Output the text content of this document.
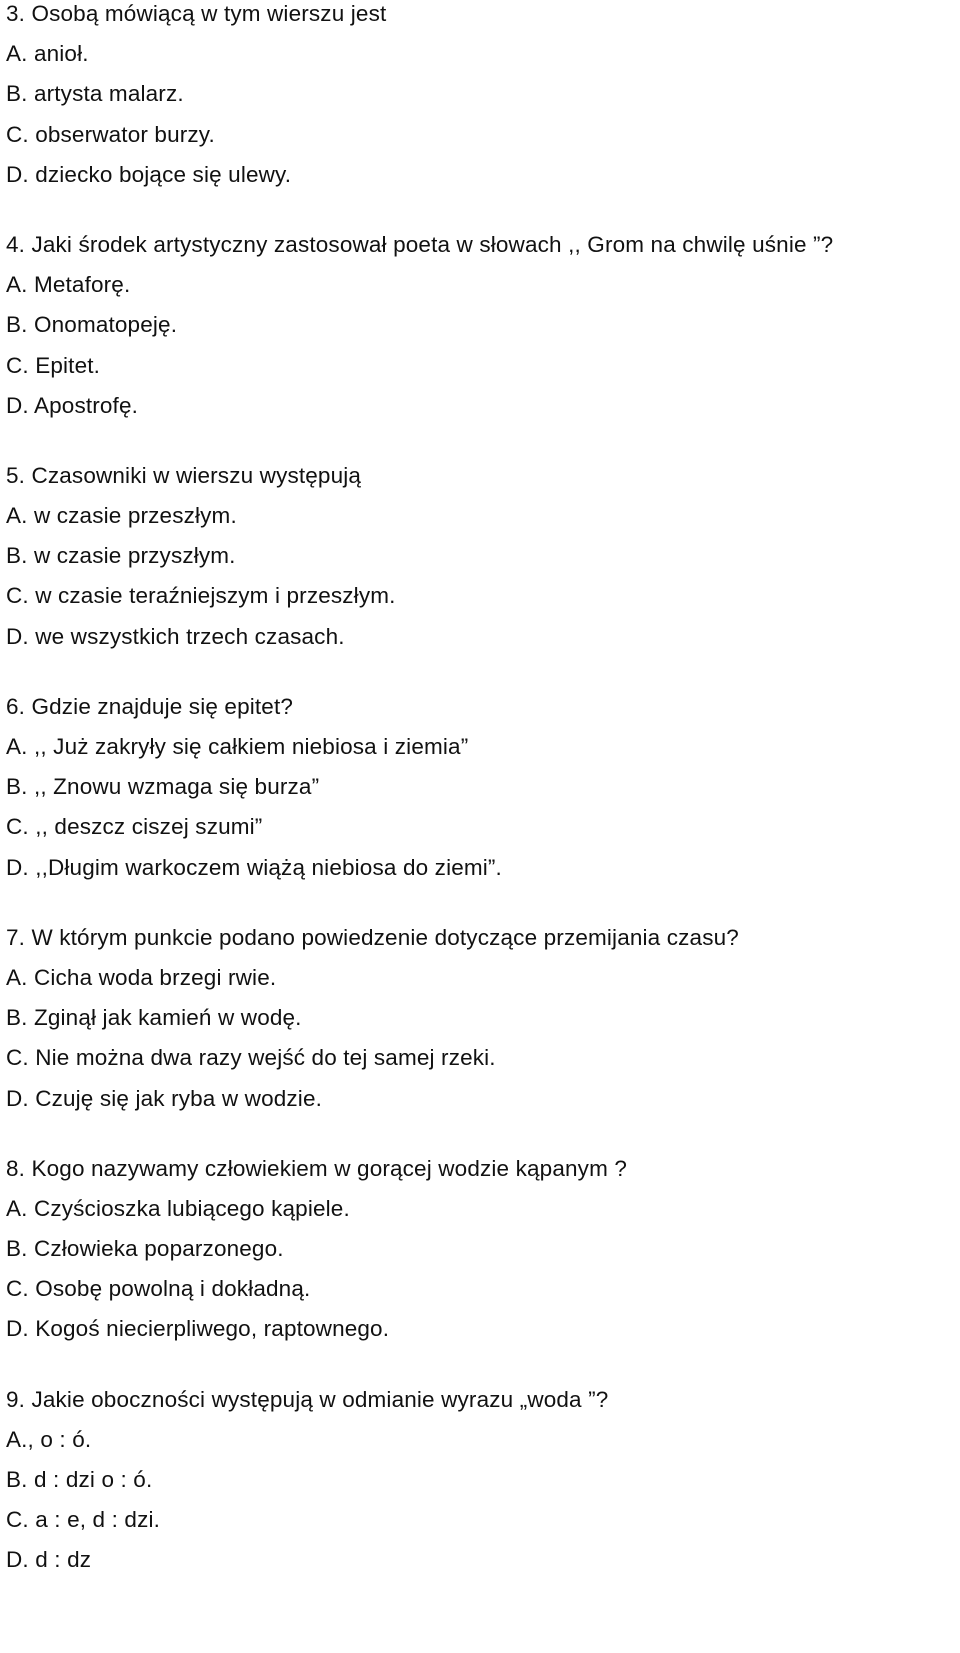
3. Osobą mówiącą w tym wierszu jest
A. anioł.
B. artysta malarz.
C. obserwator burzy.
D. dziecko bojące się ulewy.
4. Jaki środek artystyczny zastosował poeta w słowach ,, Grom na chwilę uśnie ”?
A. Metaforę.
B. Onomatopeję.
C. Epitet.
D. Apostrofę.
5. Czasowniki w wierszu występują
A. w czasie przeszłym.
B. w czasie przyszłym.
C. w czasie teraźniejszym i przeszłym.
D. we wszystkich trzech czasach.
6. Gdzie znajduje się epitet?
A. ,, Już zakryły się całkiem niebiosa i ziemia”
B. ,, Znowu wzmaga się burza”
C. ,, deszcz ciszej szumi”
D. ,,Długim warkoczem wiążą niebiosa do ziemi”.
7. W którym punkcie podano powiedzenie dotyczące przemijania czasu?
A. Cicha woda brzegi rwie.
B. Zginął jak kamień w wodę.
C. Nie można dwa razy wejść do tej samej rzeki.
D. Czuję się jak ryba w wodzie.
8. Kogo nazywamy człowiekiem w gorącej wodzie kąpanym ?
A. Czyścioszka lubiącego kąpiele.
B. Człowieka poparzonego.
C. Osobę powolną i dokładną.
D. Kogoś niecierpliwego, raptownego.
9. Jakie oboczności występują w odmianie wyrazu „woda ”?
A., o : ó.
B. d : dzi o : ó.
C. a : e, d : dzi.
D. d : dz
